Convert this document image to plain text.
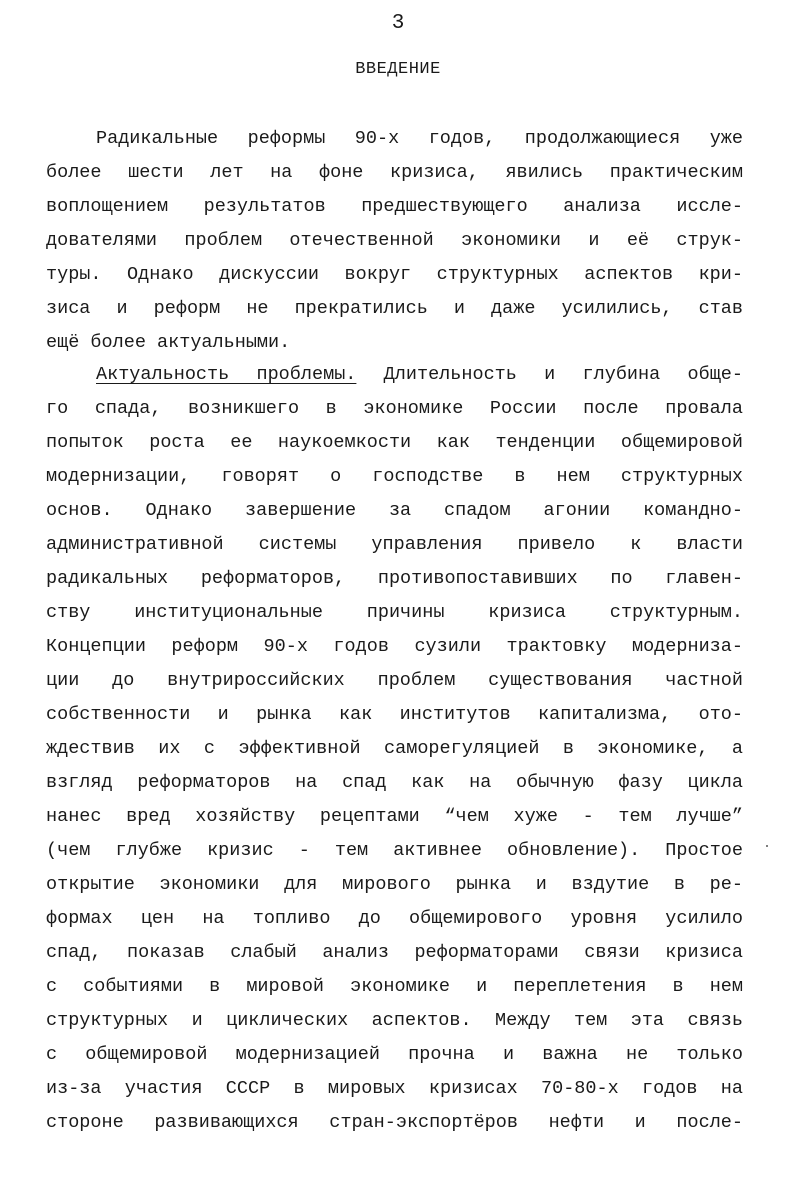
3
ВВЕДЕНИЕ
Радикальные реформы 90-х годов, продолжающиеся уже
более шести лет на фоне кризиса, явились практическим
воплощением результатов предшествующего анализа иссле-
дователями проблем отечественной экономики и её струк-
туры. Однако дискуссии вокруг структурных аспектов кри-
зиса и реформ не прекратились и даже усилились, став
ещё более актуальными.
Актуальность проблемы. Длительность и глубина обще-
го спада, возникшего в экономике России после провала
попыток роста ее наукоемкости как тенденции общемировой
модернизации, говорят о господстве в нем структурных
основ. Однако завершение за спадом агонии командно-
административной системы управления привело к власти
радикальных реформаторов, противопоставивших по главен-
ству институциональные причины кризиса структурным.
Концепции реформ 90-х годов сузили трактовку модерниза-
ции до внутрироссийских проблем существования частной
собственности и рынка как институтов капитализма, ото-
ждествив их с эффективной саморегуляцией в экономике, а
взгляд реформаторов на спад как на обычную фазу цикла
нанес вред хозяйству рецептами “чем хуже - тем лучше”
(чем глубже кризис - тем активнее обновление). Простое
открытие экономики для мирового рынка и вздутие в ре-
формах цен на топливо до общемирового уровня усилило
спад, показав слабый анализ реформаторами связи кризиса
с событиями в мировой экономике и переплетения в нем
структурных и циклических аспектов. Между тем эта связь
с общемировой модернизацией прочна и важна не только
из-за участия СССР в мировых кризисах 70-80-х годов на
стороне развивающихся стран-экспортёров нефти и после-
